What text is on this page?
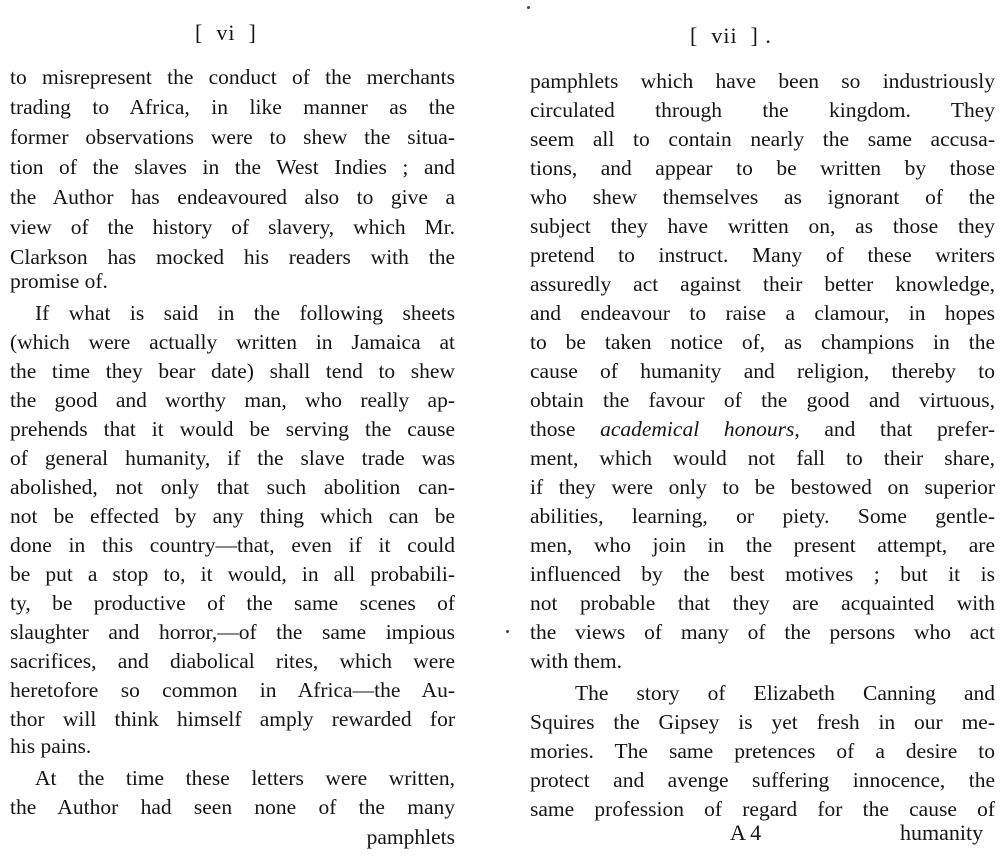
[  vi  ]
to misrepresent the conduct of the merchants
trading to Africa, in like manner as the
former observations were to shew the situa-
tion of the slaves in the West Indies ; and
the Author has endeavoured also to give a
view of the history of slavery, which Mr.
Clarkson has mocked his readers with the
promise of.
If what is said in the following sheets
(which were actually written in Jamaica at
the time they bear date) shall tend to shew
the good and worthy man, who really ap-
prehends that it would be serving the cause
of general humanity, if the slave trade was
abolished, not only that such abolition can-
not be effected by any thing which can be
done in this country—that, even if it could
be put a stop to, it would, in all probabili-
ty, be productive of the same scenes of
slaughter and horror,—of the same impious
sacrifices, and diabolical rites, which were
heretofore so common in Africa—the Au-
thor will think himself amply rewarded for
his pains.
At the time these letters were written,
the Author had seen none of the many
pamphlets
[  vii  ] .
pamphlets which have been so industriously
circulated through the kingdom. They
seem all to contain nearly the same accusa-
tions, and appear to be written by those
who shew themselves as ignorant of the
subject they have written on, as those they
pretend to instruct. Many of these writers
assuredly act against their better knowledge,
and endeavour to raise a clamour, in hopes
to be taken notice of, as champions in the
cause of humanity and religion, thereby to
obtain the favour of the good and virtuous,
those academical honours, and that prefer-
ment, which would not fall to their share,
if they were only to be bestowed on superior
abilities, learning, or piety. Some gentle-
men, who join in the present attempt, are
influenced by the best motives ; but it is
not probable that they are acquainted with
the views of many of the persons who act
with them.
The story of Elizabeth Canning and
Squires the Gipsey is yet fresh in our me-
mories. The same pretences of a desire to
protect and avenge suffering innocence, the
same profession of regard for the cause of
A 4	humanity
